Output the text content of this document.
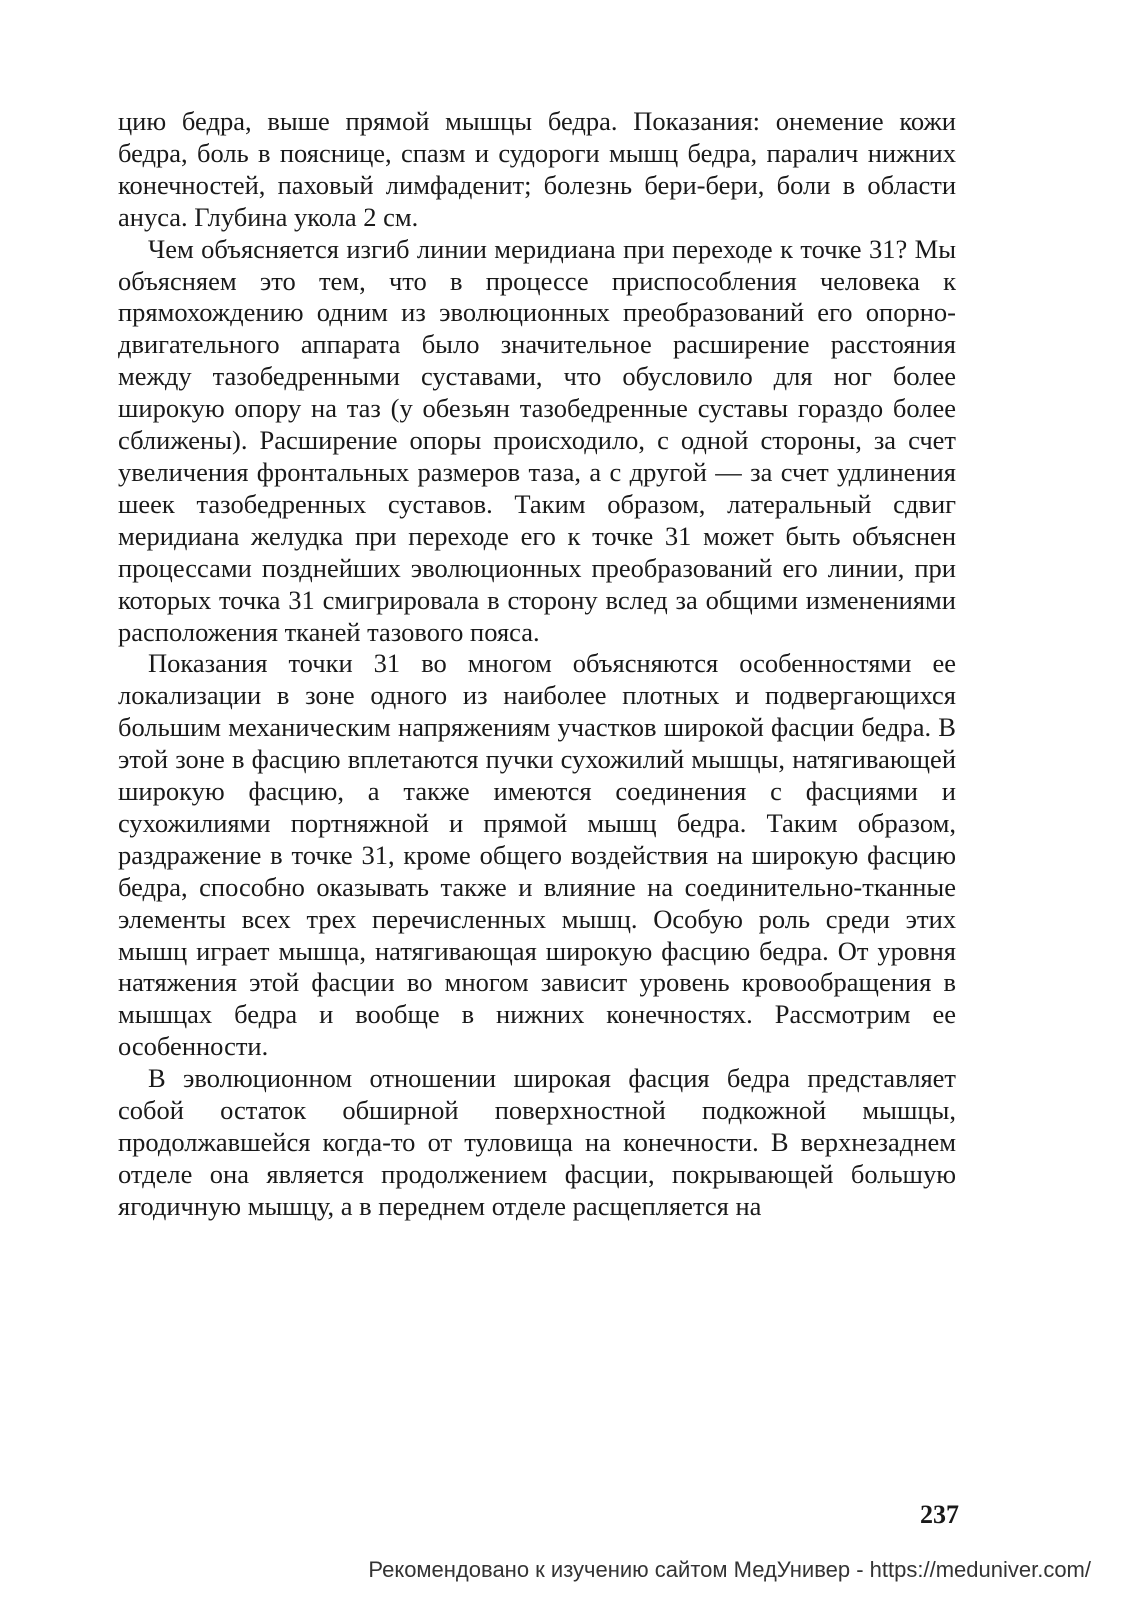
цию бедра, выше прямой мышцы бедра. Показания: онемение кожи бедра, боль в пояснице, спазм и судороги мышц бедра, паралич нижних конечностей, паховый лимфаденит; болезнь бери-бери, боли в области ануса. Глубина укола 2 см.

Чем объясняется изгиб линии меридиана при переходе к точке 31? Мы объясняем это тем, что в процессе приспособления человека к прямохождению одним из эволюционных преобразований его опорно-двигательного аппарата было значительное расширение расстояния между тазобедренными суставами, что обусловило для ног более широкую опору на таз (у обезьян тазобедренные суставы гораздо более сближены). Расширение опоры происходило, с одной стороны, за счет увеличения фронтальных размеров таза, а с другой — за счет удлинения шеек тазобедренных суставов. Таким образом, латеральный сдвиг меридиана желудка при переходе его к точке 31 может быть объяснен процессами позднейших эволюционных преобразований его линии, при которых точка 31 смигрировала в сторону вслед за общими изменениями расположения тканей тазового пояса.

Показания точки 31 во многом объясняются особенностями ее локализации в зоне одного из наиболее плотных и подвергающихся большим механическим напряжениям участков широкой фасции бедра. В этой зоне в фасцию вплетаются пучки сухожилий мышцы, натягивающей широкую фасцию, а также имеются соединения с фасциями и сухожилиями портняжной и прямой мышц бедра. Таким образом, раздражение в точке 31, кроме общего воздействия на широкую фасцию бедра, способно оказывать также и влияние на соединительно-тканные элементы всех трех перечисленных мышц. Особую роль среди этих мышц играет мышца, натягивающая широкую фасцию бедра. От уровня натяжения этой фасции во многом зависит уровень кровообращения в мышцах бедра и вообще в нижних конечностях. Рассмотрим ее особенности.

В эволюционном отношении широкая фасция бедра представляет собой остаток обширной поверхностной подкожной мышцы, продолжавшейся когда-то от туловища на конечности. В верхнезаднем отделе она является продолжением фасции, покрывающей большую ягодичную мышцу, а в переднем отделе расщепляется на

237
Рекомендовано к изучению сайтом МедУнивер - https://meduniver.com/
